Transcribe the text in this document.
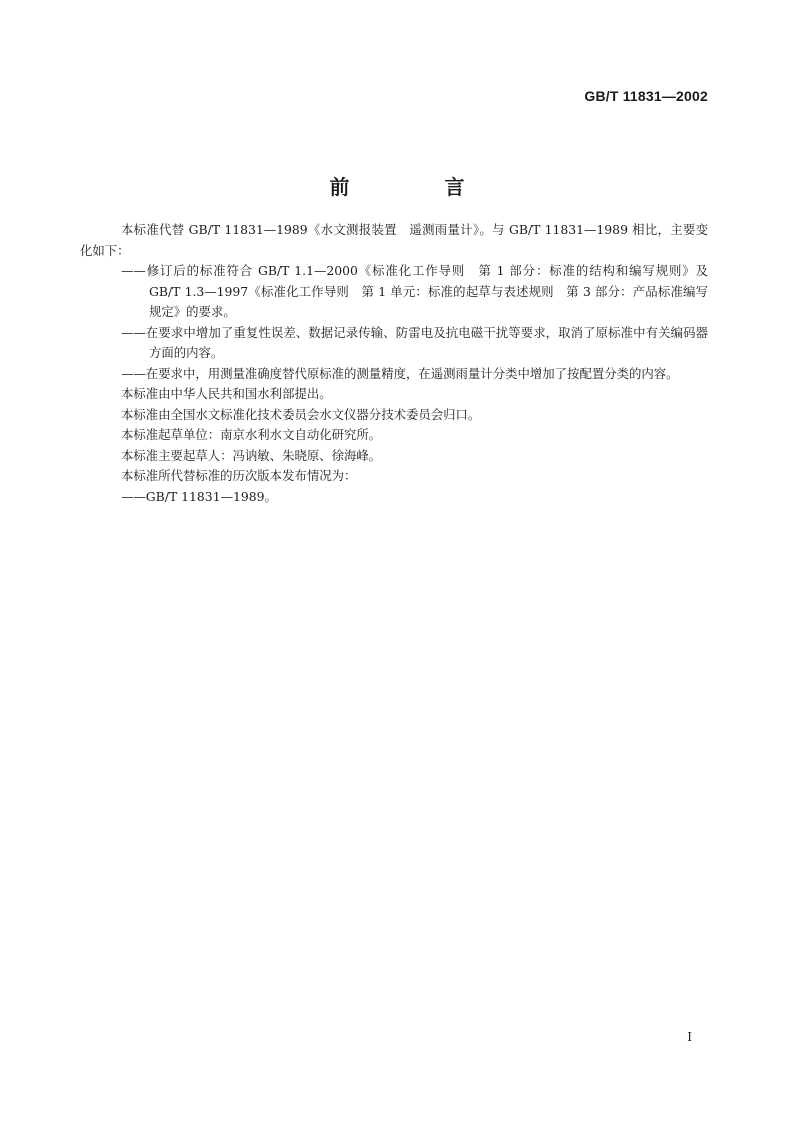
GB/T 11831—2002
前 言

本标准代替 GB/T 11831—1989《水文测报装置　遥测雨量计》。与 GB/T 11831—1989 相比，主要变化如下：

——修订后的标准符合 GB/T 1.1—2000《标准化工作导则　第 1 部分：标准的结构和编写规则》及 GB/T 1.3—1997《标准化工作导则　第 1 单元：标准的起草与表述规则　第 3 部分：产品标准编写规定》的要求。

——在要求中增加了重复性误差、数据记录传输、防雷电及抗电磁干扰等要求，取消了原标准中有关编码器方面的内容。

——在要求中，用测量准确度替代原标准的测量精度，在遥测雨量计分类中增加了按配置分类的内容。

本标准由中华人民共和国水利部提出。

本标准由全国水文标准化技术委员会水文仪器分技术委员会归口。

本标准起草单位：南京水利水文自动化研究所。

本标准主要起草人：冯讷敏、朱晓原、徐海峰。

本标准所代替标准的历次版本发布情况为：

——GB/T 11831—1989。

I
